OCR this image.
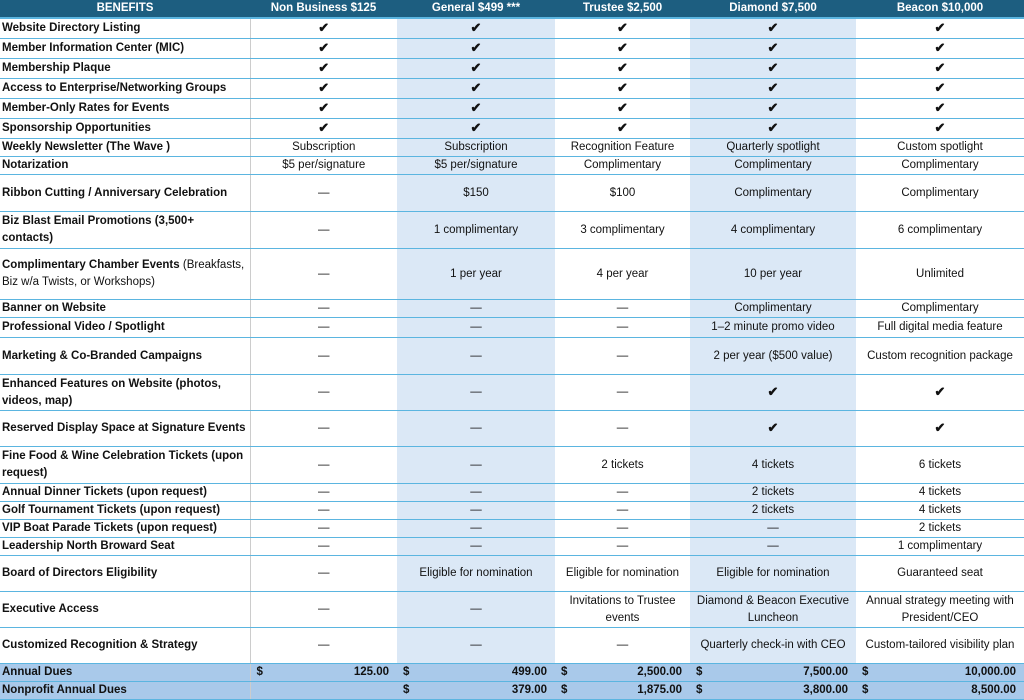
BENEFITS	Non Business $125	General $499 ***	Trustee $2,500	Diamond $7,500	Beacon $10,000
Website Directory Listing	✔	✔	✔	✔	✔
Member Information Center (MIC)	✔	✔	✔	✔	✔
Membership Plaque	✔	✔	✔	✔	✔
Access to Enterprise/Networking Groups	✔	✔	✔	✔	✔
Member-Only Rates for Events	✔	✔	✔	✔	✔
Sponsorship Opportunities	✔	✔	✔	✔	✔
Weekly Newsletter (The Wave )	Subscription	Subscription	Recognition Feature	Quarterly spotlight	Custom spotlight
Notarization	$5 per/signature	$5 per/signature	Complimentary	Complimentary	Complimentary
Ribbon Cutting / Anniversary Celebration	—	$150	$100	Complimentary	Complimentary
Biz Blast Email Promotions (3,500+ contacts)	—	1 complimentary	3 complimentary	4 complimentary	6 complimentary
Complimentary Chamber Events (Breakfasts, Biz w/a Twists, or Workshops)	—	1 per year	4 per year	10 per year	Unlimited
Banner on Website	—	—	—	Complimentary	Complimentary
Professional Video / Spotlight	—	—	—	1–2 minute promo video	Full digital media feature
Marketing & Co-Branded Campaigns	—	—	—	2 per year ($500 value)	Custom recognition package
Enhanced Features on Website (photos, videos, map)	—	—	—	✔	✔
Reserved Display Space at Signature Events	—	—	—	✔	✔
Fine Food & Wine Celebration Tickets (upon request)	—	—	2 tickets	4 tickets	6 tickets
Annual Dinner Tickets (upon request)	—	—	—	2 tickets	4 tickets
Golf Tournament Tickets (upon request)	—	—	—	2 tickets	4 tickets
VIP Boat Parade Tickets (upon request)	—	—	—	—	2 tickets
Leadership North Broward Seat	—	—	—	—	1 complimentary
Board of Directors Eligibility	—	Eligible for nomination	Eligible for nomination	Eligible for nomination	Guaranteed seat
Executive Access	—	—	Invitations to Trustee events	Diamond & Beacon Executive Luncheon	Annual strategy meeting with President/CEO
Customized Recognition & Strategy	—	—	—	Quarterly check-in with CEO	Custom-tailored visibility plan
Annual Dues	$ 125.00	$ 499.00	$ 2,500.00	$ 7,500.00	$ 10,000.00

Nonprofit Annual Dues		$ 379.00	$ 1,875.00	$ 3,800.00	$ 8,500.00
